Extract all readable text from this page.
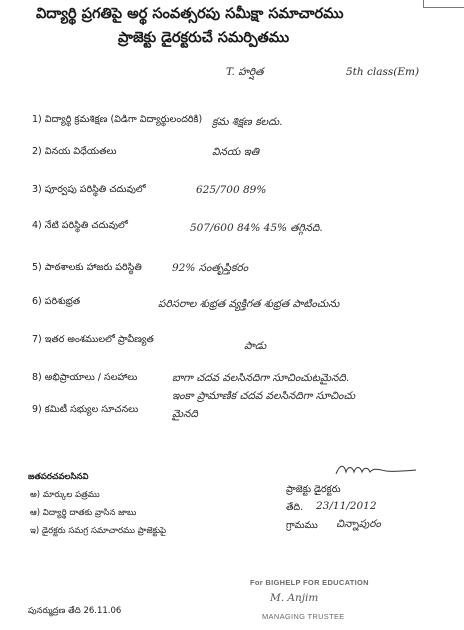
విద్యార్థి ప్రగతిపై అర్థ సంవత్సరపు సమీక్షా సమాచారము
ప్రాజెక్టు డైరక్టరుచే సమర్పితము
T. హర్షిత	5th class(Em)
1) విద్యార్థి క్రమశిక్షణ (విడిగా విద్యార్థులందరికి) క్రమ శిక్షణ కలదు.
2) వినయ విధేయతలు	వినయ ఇతి
3) పూర్వపు పరిస్థితి చదువులో	625/700 89%
4) నేటి పరిస్థితి చదువులో	507/600 84% 45% తగ్గినది.
5) పాఠశాలకు హాజరు పరిస్థితి	92% సంతృప్తికరం
6) పరిశుభ్రత	పరిసరాల శుభ్రత వ్యక్తిగత శుభ్రత పాటించును
7) ఇతర అంశములలో ప్రావీణ్యత
పాడు
8) అభిప్రాయాలు / సలహాలు	బాగా చదవ వలసినదిగా సూచించుటమైనది.
ఇంకా ప్రామాణిక చదవ వలసినదిగా సూచించు
9) కమిటీ సభ్యుల సూచనలు	మైనది
ప్రాజెక్టు డైరక్టరు
తేది. 23/11/2012
గ్రామము చిన్నాపురం
జతపరచవలసినవి
అ) మార్కుల పత్రము
ఆ) విద్యార్థి దాతకు వ్రాసిన జాబు
ఇ) డైరక్టరు సమగ్ర సమాచారము ప్రాజెక్టుపై
For BIGHELP FOR EDUCATION
M. Anjim
MANAGING TRUSTEE
పునర్ముద్రణ తేది 26.11.06
